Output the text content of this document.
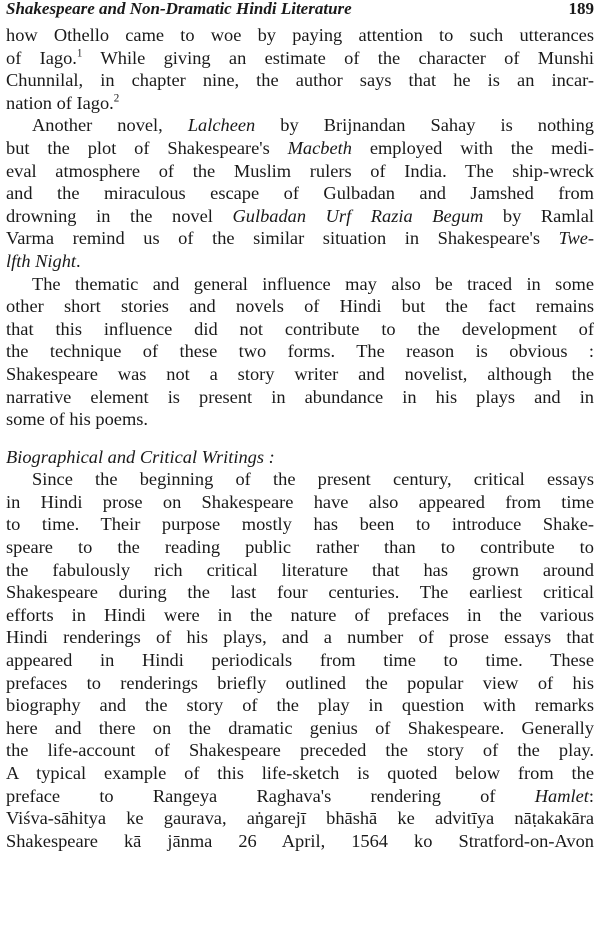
Shakespeare and Non-Dramatic Hindi Literature	189
how Othello came to woe by paying attention to such utterances
of Iago.$^1$ While giving an estimate of the character of Munshi
Chunnilal, in chapter nine, the author says that he is an incar-
nation of Iago.$^2$
Another novel, Lalcheen by Brijnandan Sahay is nothing
but the plot of Shakespeare's Macbeth employed with the medi-
eval atmosphere of the Muslim rulers of India. The ship-wreck
and the miraculous escape of Gulbadan and Jamshed from
drowning in the novel Gulbadan Urf Razia Begum by Ramlal
Varma remind us of the similar situation in Shakespeare's Twe-
lfth Night.
The thematic and general influence may also be traced in some
other short stories and novels of Hindi but the fact remains
that this influence did not contribute to the development of
the technique of these two forms. The reason is obvious :
Shakespeare was not a story writer and novelist, although the
narrative element is present in abundance in his plays and in
some of his poems.

Biographical and Critical Writings :

Since the beginning of the present century, critical essays
in Hindi prose on Shakespeare have also appeared from time
to time. Their purpose mostly has been to introduce Shake-
speare to the reading public rather than to contribute to
the fabulously rich critical literature that has grown around
Shakespeare during the last four centuries. The earliest critical
efforts in Hindi were in the nature of prefaces in the various
Hindi renderings of his plays, and a number of prose essays that
appeared in Hindi periodicals from time to time. These
prefaces to renderings briefly outlined the popular view of his
biography and the story of the play in question with remarks
here and there on the dramatic genius of Shakespeare. Generally
the life-account of Shakespeare preceded the story of the play.
A typical example of this life-sketch is quoted below from the
preface to Rangeya Raghava's rendering of Hamlet:
Viśva-sāhitya ke gaurava, aṅgarejī bhāshā ke advitīya nāṭakakāra
Shakespeare kā jānma 26 April, 1564 ko Stratford-on-Avon
